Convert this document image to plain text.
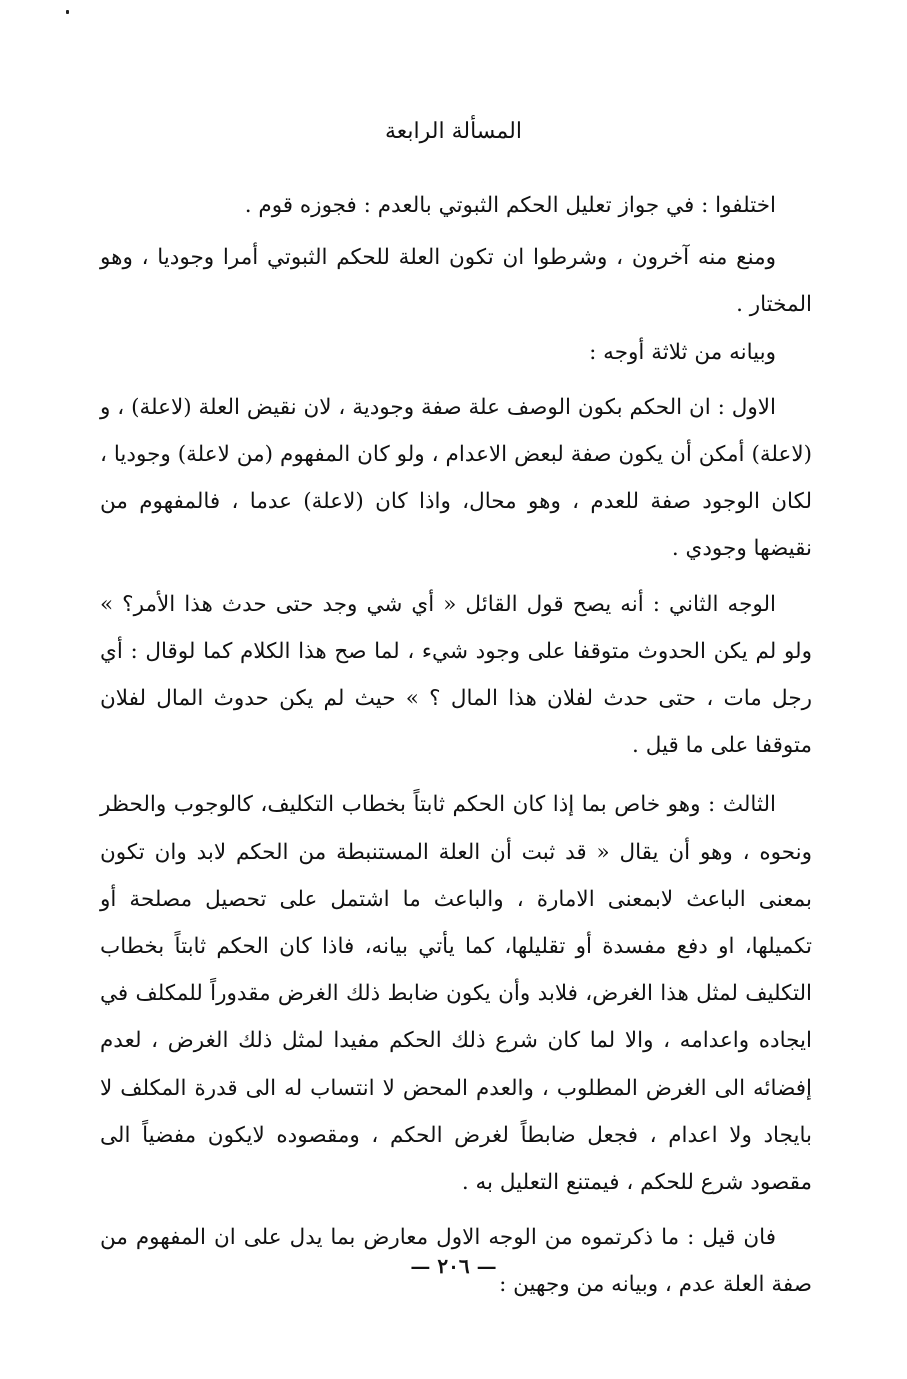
المسألة الرابعة

اختلفوا : في جواز تعليل الحكم الثبوتي بالعدم : فجوزه قوم .

ومنع منه آخرون ، وشرطوا ان تكون العلة للحكم الثبوتي أمرا وجوديا ، وهو المختار .

وبيانه من ثلاثة أوجه :

الاول : ان الحكم بكون الوصف علة صفة وجودية ، لان نقيض العلة (لاعلة) ، و (لاعلة) أمكن أن يكون صفة لبعض الاعدام ، ولو كان المفهوم (من لاعلة) وجوديا ، لكان الوجود صفة للعدم ، وهو محال، واذا كان (لاعلة) عدما ، فالمفهوم من نقيضها وجودي .

الوجه الثاني : أنه يصح قول القائل « أي شي وجد حتى حدث هذا الأمر؟ » ولو لم يكن الحدوث متوقفا على وجود شيء ، لما صح هذا الكلام كما لوقال : أي رجل مات ، حتى حدث لفلان هذا المال ؟ » حيث لم يكن حدوث المال لفلان متوقفا على ما قيل .

الثالث : وهو خاص بما إذا كان الحكم ثابتاً بخطاب التكليف، كالوجوب والحظر ونحوه ، وهو أن يقال « قد ثبت أن العلة المستنبطة من الحكم لابد وان تكون بمعنى الباعث لابمعنى الامارة ، والباعث ما اشتمل على تحصيل مصلحة أو تكميلها، او دفع مفسدة أو تقليلها، كما يأتي بيانه، فاذا كان الحكم ثابتاً بخطاب التكليف لمثل هذا الغرض، فلابد وأن يكون ضابط ذلك الغرض مقدوراً للمكلف في ايجاده واعدامه ، والا لما كان شرع ذلك الحكم مفيدا لمثل ذلك الغرض ، لعدم إفضائه الى الغرض المطلوب ، والعدم المحض لا انتساب له الى قدرة المكلف لا بايجاد ولا اعدام ، فجعل ضابطاً لغرض الحكم ، ومقصوده لايكون مفضياً الى مقصود شرع للحكم ، فيمتنع التعليل به .

فان قيل : ما ذكرتموه من الوجه الاول معارض بما يدل على ان المفهوم من صفة العلة عدم ، وبيانه من وجهين :

— ٢٠٦ —
